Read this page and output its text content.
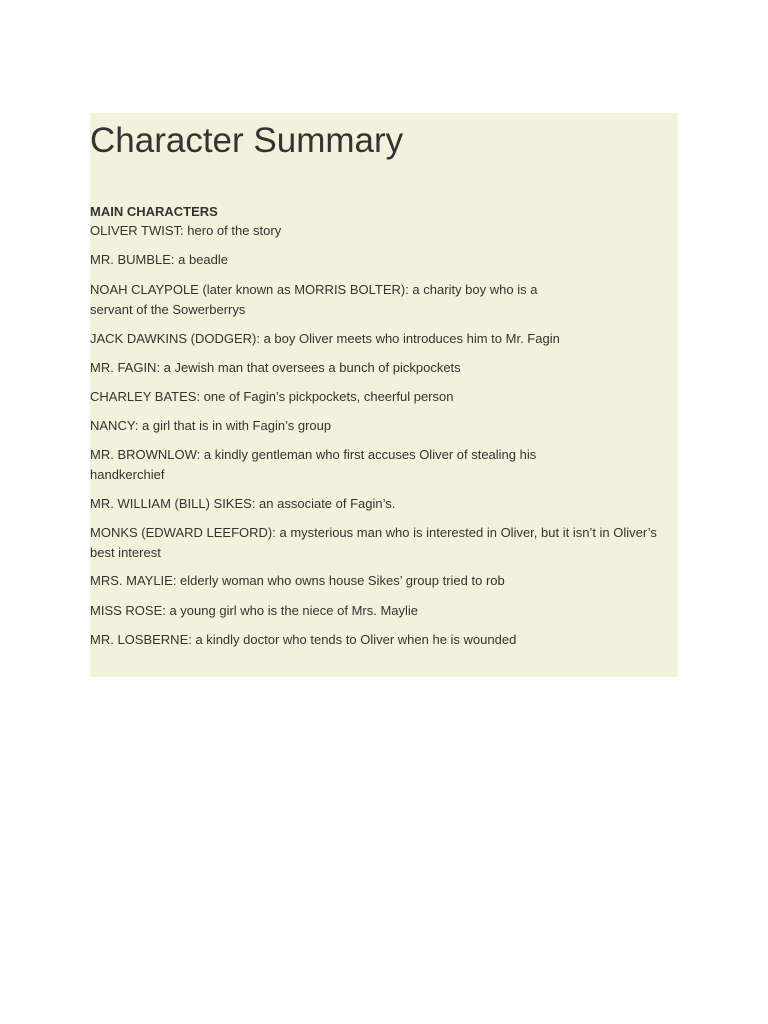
Character Summary
MAIN CHARACTERS

OLIVER TWIST: hero of the story

MR. BUMBLE: a beadle

NOAH CLAYPOLE (later known as MORRIS BOLTER): a charity boy who is a servant of the Sowerberrys

JACK DAWKINS (DODGER): a boy Oliver meets who introduces him to Mr. Fagin

MR. FAGIN: a Jewish man that oversees a bunch of pickpockets

CHARLEY BATES: one of Fagin’s pickpockets, cheerful person

NANCY: a girl that is in with Fagin’s group

MR. BROWNLOW: a kindly gentleman who first accuses Oliver of stealing his handkerchief

MR. WILLIAM (BILL) SIKES: an associate of Fagin’s.

MONKS (EDWARD LEEFORD): a mysterious man who is interested in Oliver, but it isn’t in Oliver’s best interest

MRS. MAYLIE: elderly woman who owns house Sikes’ group tried to rob

MISS ROSE: a young girl who is the niece of Mrs. Maylie

MR. LOSBERNE: a kindly doctor who tends to Oliver when he is wounded
